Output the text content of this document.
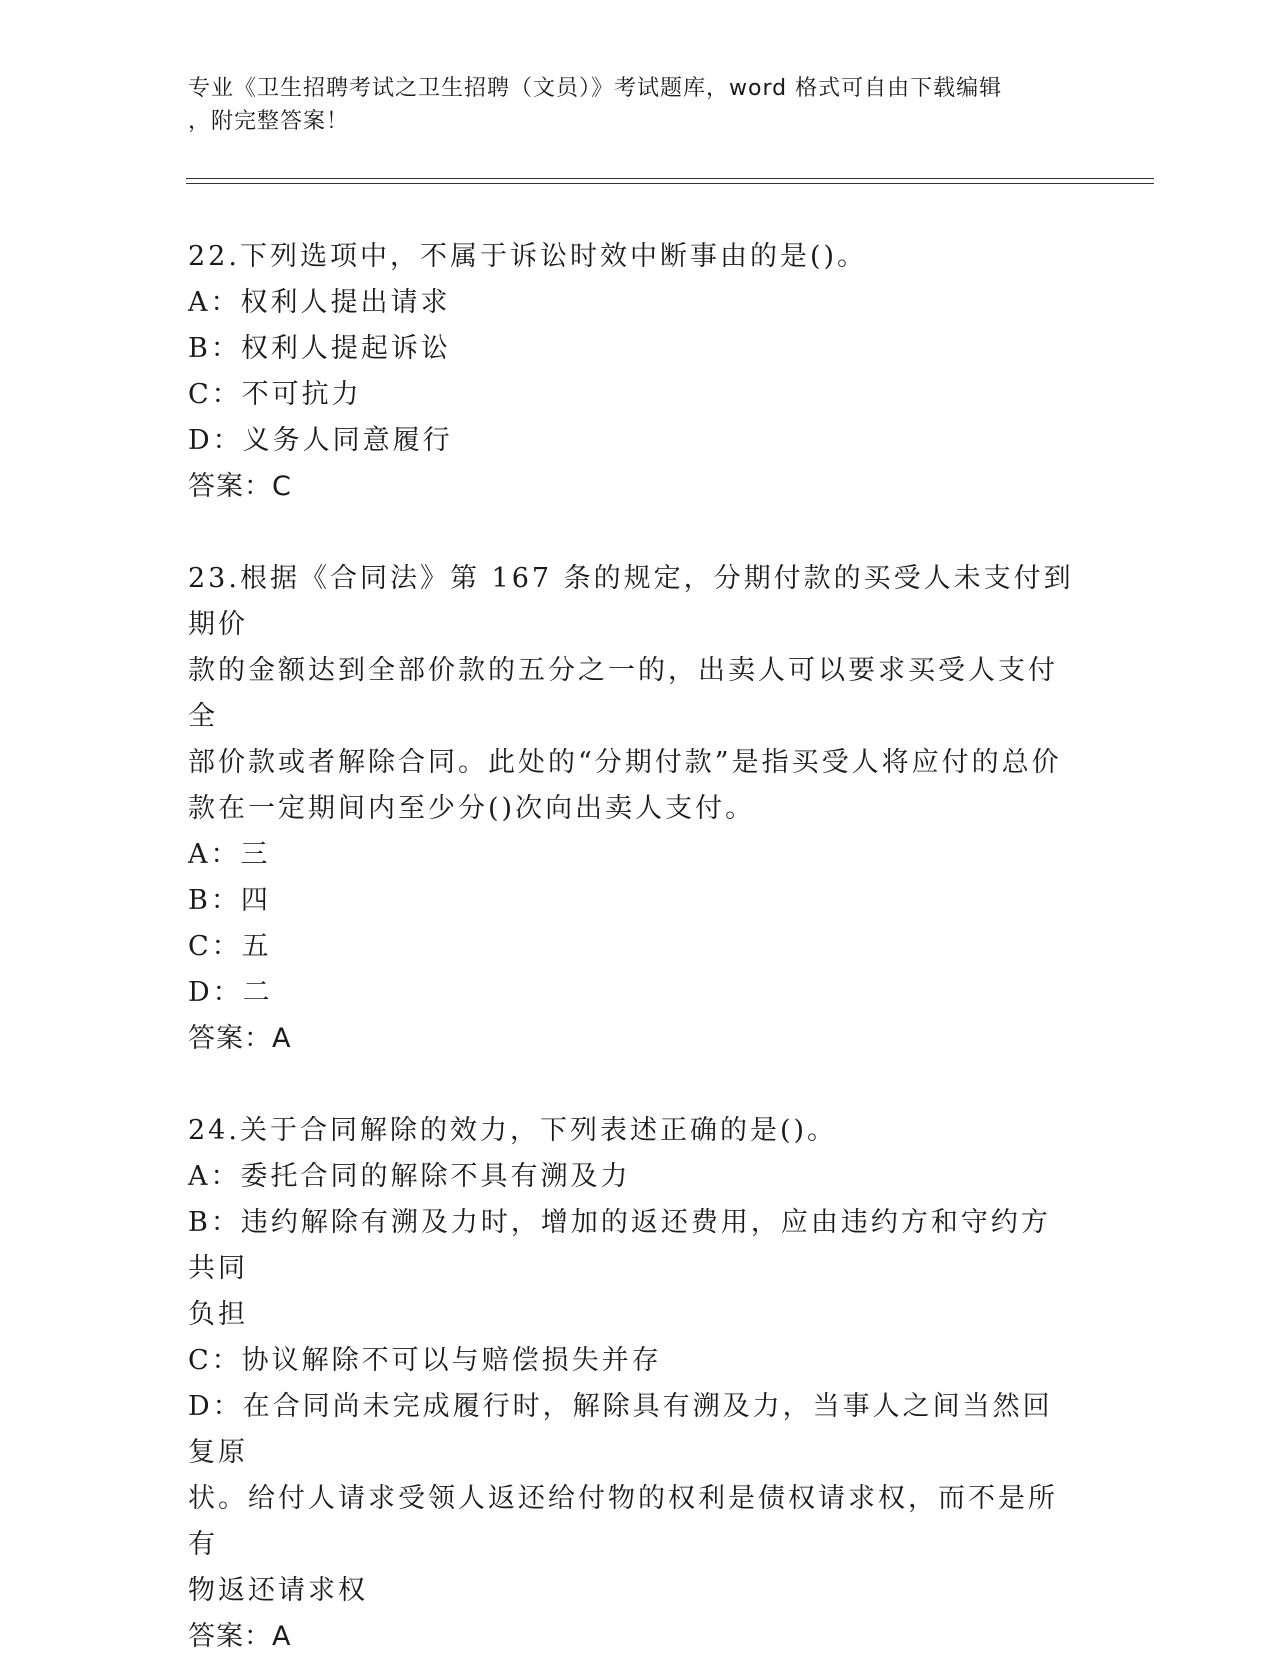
专业《卫生招聘考试之卫生招聘（文员）》考试题库，word 格式可自由下载编辑
，附完整答案！

22.下列选项中，不属于诉讼时效中断事由的是()。

A：权利人提出请求

B：权利人提起诉讼

C：不可抗力

D：义务人同意履行

答案：C

23.根据《合同法》第 167 条的规定，分期付款的买受人未支付到期价

款的金额达到全部价款的五分之一的，出卖人可以要求买受人支付全

部价款或者解除合同。此处的“分期付款”是指买受人将应付的总价

款在一定期间内至少分()次向出卖人支付。

A：三

B：四

C：五

D：二

答案：A

24.关于合同解除的效力，下列表述正确的是()。

A：委托合同的解除不具有溯及力

B：违约解除有溯及力时，增加的返还费用，应由违约方和守约方共同

负担

C：协议解除不可以与赔偿损失并存

D：在合同尚未完成履行时，解除具有溯及力，当事人之间当然回复原

状。给付人请求受领人返还给付物的权利是债权请求权，而不是所有

物返还请求权

答案：A
